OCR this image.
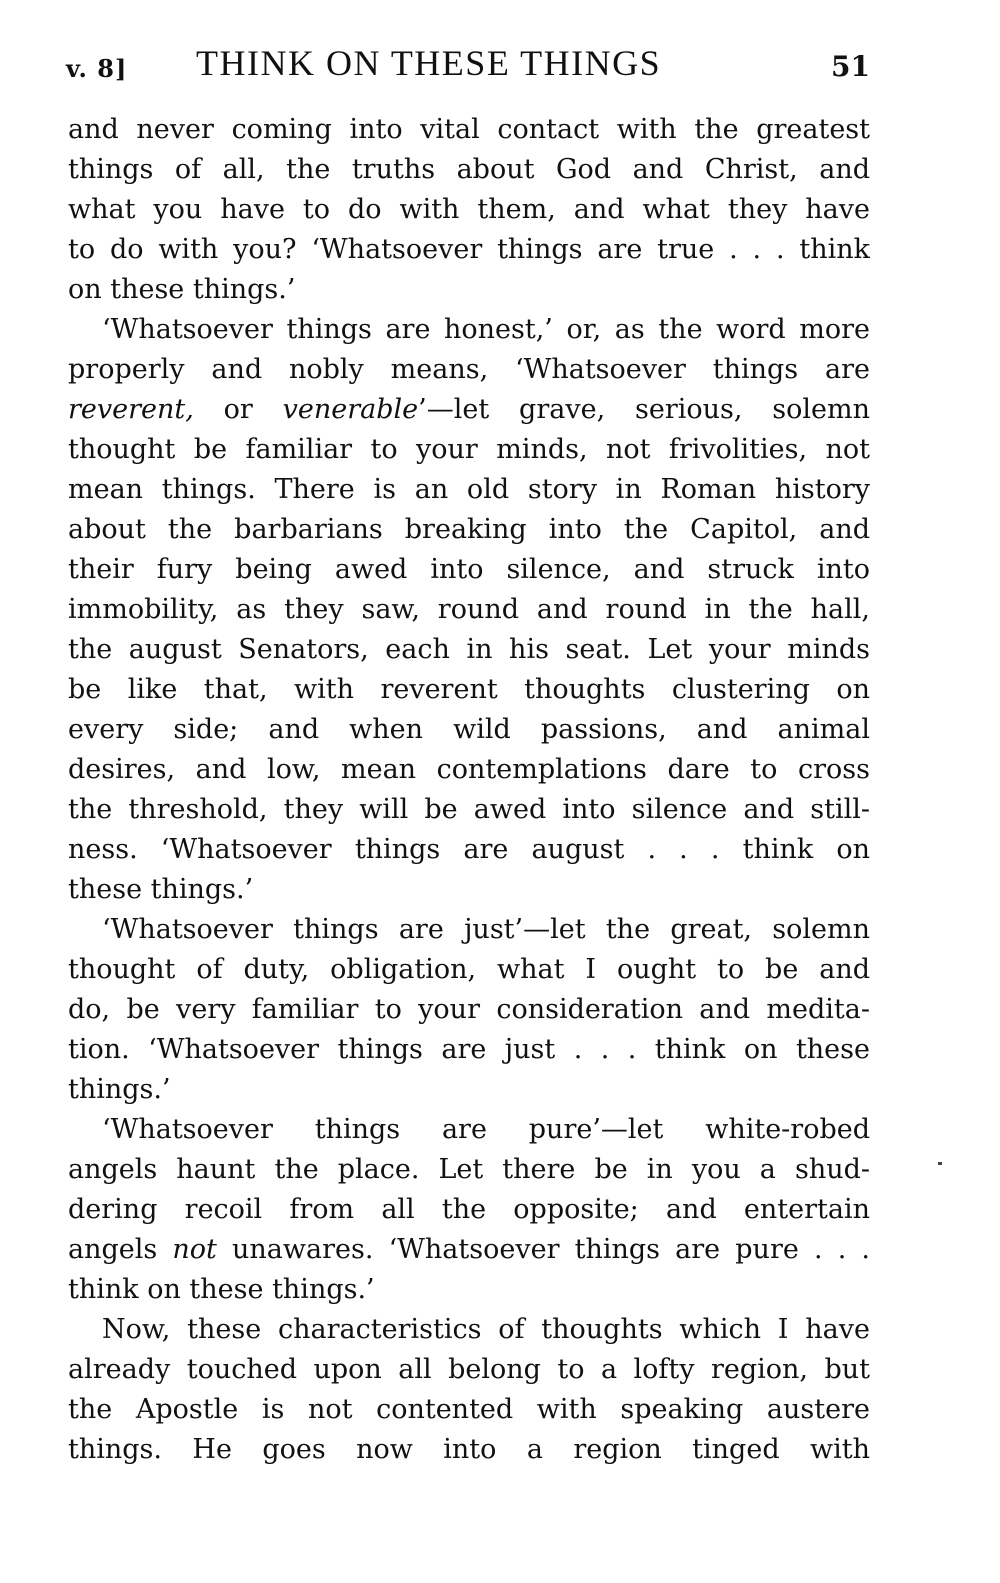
v. 8] THINK ON THESE THINGS	51
and never coming into vital contact with the greatest
things of all, the truths about God and Christ, and
what you have to do with them, and what they have
to do with you? ‘Whatsoever things are true . . . think
on these things.’
‘Whatsoever things are honest,’ or, as the word more
properly and nobly means, ‘Whatsoever things are
reverent, or venerable’—let grave, serious, solemn
thought be familiar to your minds, not frivolities, not
mean things. There is an old story in Roman history
about the barbarians breaking into the Capitol, and
their fury being awed into silence, and struck into
immobility, as they saw, round and round in the hall,
the august Senators, each in his seat. Let your minds
be like that, with reverent thoughts clustering on
every side; and when wild passions, and animal
desires, and low, mean contemplations dare to cross
the threshold, they will be awed into silence and still-
ness. ‘Whatsoever things are august . . . think on
these things.’
‘Whatsoever things are just’—let the great, solemn
thought of duty, obligation, what I ought to be and
do, be very familiar to your consideration and medita-
tion. ‘Whatsoever things are just . . . think on these
things.’
‘Whatsoever things are pure’—let white-robed
angels haunt the place. Let there be in you a shud-
dering recoil from all the opposite; and entertain
angels not unawares. ‘Whatsoever things are pure . . .
think on these things.’
Now, these characteristics of thoughts which I have
already touched upon all belong to a lofty region, but
the Apostle is not contented with speaking austere
things. He goes now into a region tinged with
